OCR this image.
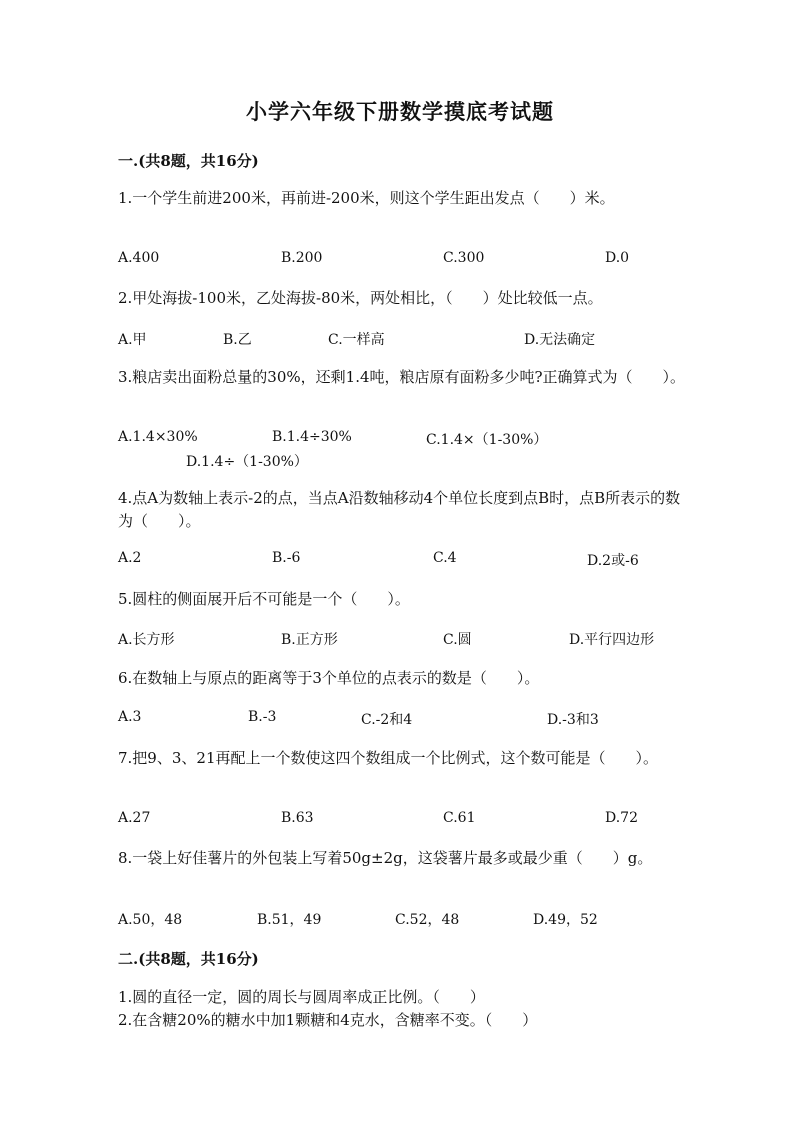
小学六年级下册数学摸底考试题
一.(共8题，共16分)
1.一个学生前进200米，再前进-200米，则这个学生距出发点（　　）米。
A.400	B.200	C.300	D.0
2.甲处海拔-100米，乙处海拔-80米，两处相比，（　　）处比较低一点。
A.甲	B.乙	C.一样高	D.无法确定
3.粮店卖出面粉总量的30%，还剩1.4吨，粮店原有面粉多少吨?正确算式为（　　）。
A.1.4×30%	B.1.4÷30%	C.1.4×（1-30%）
D.1.4÷（1-30%）
4.点A为数轴上表示-2的点，当点A沿数轴移动4个单位长度到点B时，点B所表示的数为（　　）。
A.2	B.-6	C.4	D.2或-6
5.圆柱的侧面展开后不可能是一个（　　）。
A.长方形	B.正方形	C.圆	D.平行四边形
6.在数轴上与原点的距离等于3个单位的点表示的数是（　　）。
A.3	B.-3	C.-2和4	D.-3和3
7.把9、3、21再配上一个数使这四个数组成一个比例式，这个数可能是（　　）。
A.27	B.63	C.61	D.72
8.一袋上好佳薯片的外包装上写着50g±2g，这袋薯片最多或最少重（　　）g。
A.50，48	B.51，49	C.52，48	D.49，52
二.(共8题，共16分)
1.圆的直径一定，圆的周长与圆周率成正比例。（　　）
2.在含糖20%的糖水中加1颗糖和4克水，含糖率不变。（　　）
